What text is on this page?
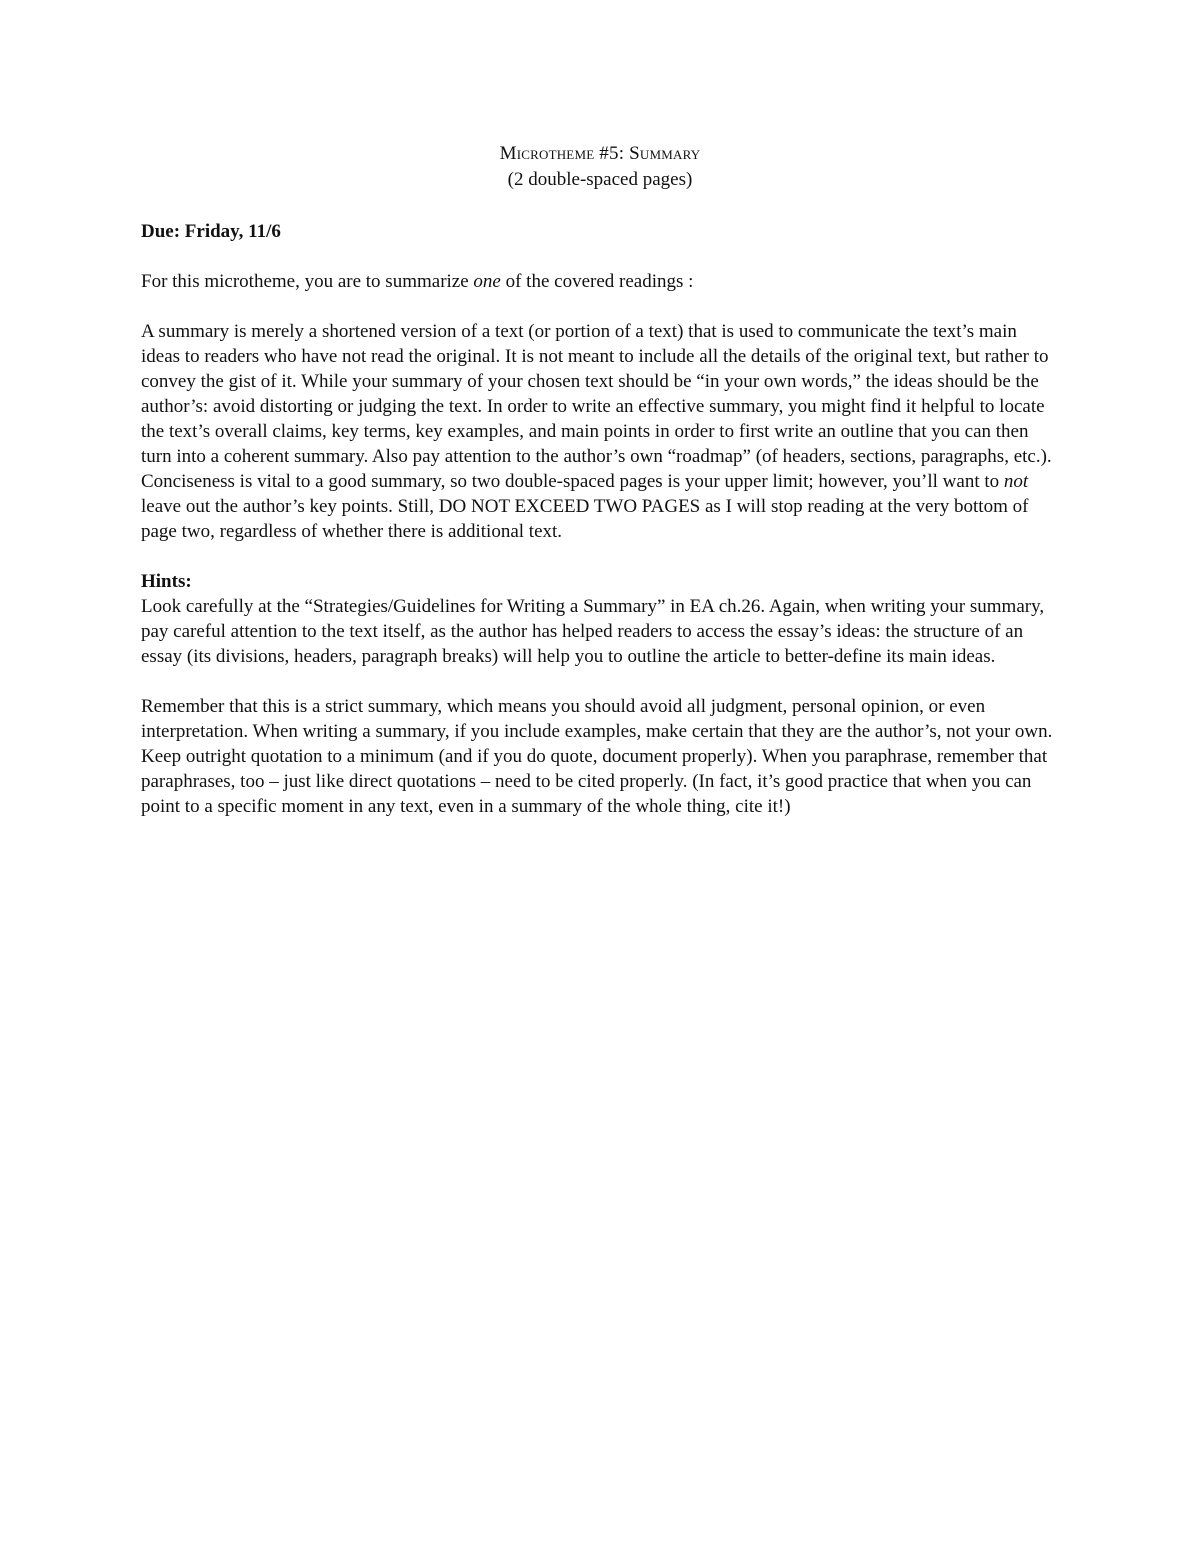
Microtheme #5: Summary

(2 double-spaced pages)

Due: Friday, 11/6

For this microtheme, you are to summarize one of the covered readings :

A summary is merely a shortened version of a text (or portion of a text) that is used to communicate the text’s main ideas to readers who have not read the original. It is not meant to include all the details of the original text, but rather to convey the gist of it. While your summary of your chosen text should be “in your own words,” the ideas should be the author’s: avoid distorting or judging the text. In order to write an effective summary, you might find it helpful to locate the text’s overall claims, key terms, key examples, and main points in order to first write an outline that you can then turn into a coherent summary. Also pay attention to the author’s own “roadmap” (of headers, sections, paragraphs, etc.). Conciseness is vital to a good summary, so two double-spaced pages is your upper limit; however, you’ll want to not leave out the author’s key points. Still, DO NOT EXCEED TWO PAGES as I will stop reading at the very bottom of page two, regardless of whether there is additional text.

Hints:

Look carefully at the “Strategies/Guidelines for Writing a Summary” in EA ch.26. Again, when writing your summary, pay careful attention to the text itself, as the author has helped readers to access the essay’s ideas: the structure of an essay (its divisions, headers, paragraph breaks) will help you to outline the article to better-define its main ideas.

Remember that this is a strict summary, which means you should avoid all judgment, personal opinion, or even interpretation. When writing a summary, if you include examples, make certain that they are the author’s, not your own. Keep outright quotation to a minimum (and if you do quote, document properly). When you paraphrase, remember that paraphrases, too – just like direct quotations – need to be cited properly. (In fact, it’s good practice that when you can point to a specific moment in any text, even in a summary of the whole thing, cite it!)
